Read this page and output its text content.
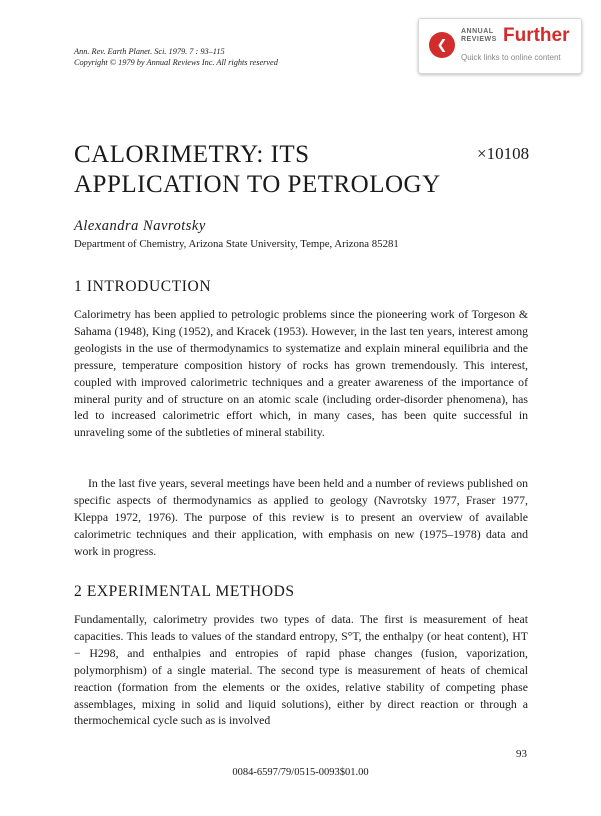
Ann. Rev. Earth Planet. Sci. 1979. 7 : 93–115
Copyright © 1979 by Annual Reviews Inc. All rights reserved
❮
ANNUAL
REVIEWS Further
Quick links to online content
CALORIMETRY: ITS
APPLICATION TO PETROLOGY
×10108
Alexandra Navrotsky
Department of Chemistry, Arizona State University, Tempe, Arizona 85281
1 INTRODUCTION

Calorimetry has been applied to petrologic problems since the pioneering work of Torgeson & Sahama (1948), King (1952), and Kracek (1953). However, in the last ten years, interest among geologists in the use of thermodynamics to systematize and explain mineral equilibria and the pressure, temperature composition history of rocks has grown tremendously. This interest, coupled with improved calorimetric techniques and a greater awareness of the importance of mineral purity and of structure on an atomic scale (including order-disorder phenomena), has led to increased calorimetric effort which, in many cases, has been quite successful in unraveling some of the subtleties of mineral stability.

In the last five years, several meetings have been held and a number of reviews published on specific aspects of thermodynamics as applied to geology (Navrotsky 1977, Fraser 1977, Kleppa 1972, 1976). The purpose of this review is to present an overview of available calorimetric techniques and their application, with emphasis on new (1975–1978) data and work in progress.

2 EXPERIMENTAL METHODS

Fundamentally, calorimetry provides two types of data. The first is measurement of heat capacities. This leads to values of the standard entropy, S°T, the enthalpy (or heat content), HT − H298, and enthalpies and entropies of rapid phase changes (fusion, vaporization, polymorphism) of a single material. The second type is measurement of heats of chemical reaction (formation from the elements or the oxides, relative stability of competing phase assemblages, mixing in solid and liquid solutions), either by direct reaction or through a thermochemical cycle such as is involved

93
0084-6597/79/0515-0093$01.00
